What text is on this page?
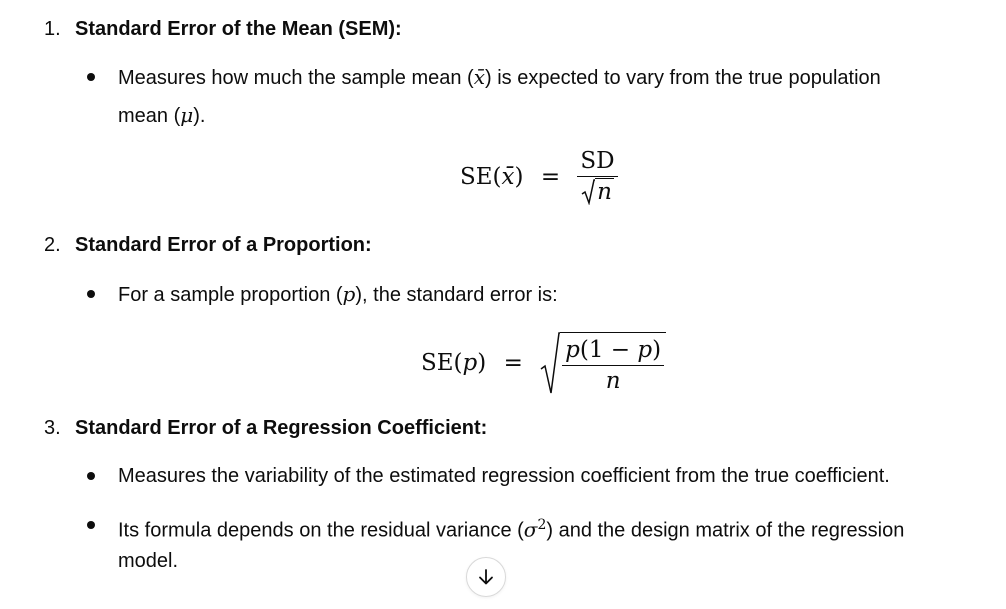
1. Standard Error of the Mean (SEM):
Measures how much the sample mean (x̄) is expected to vary from the true population
mean (μ).
SE(x̄) = $\frac{SD}{n}$
2. Standard Error of a Proportion:
For a sample proportion (p), the standard error is:
$SE(p) = \frac{p(1 - p)}{n}$
3. Standard Error of a Regression Coefficient:
Measures the variability of the estimated regression coefficient from the true coefficient.
Its formula depends on the residual variance $(\sigma^2)$ and the design matrix of the regression
model.
